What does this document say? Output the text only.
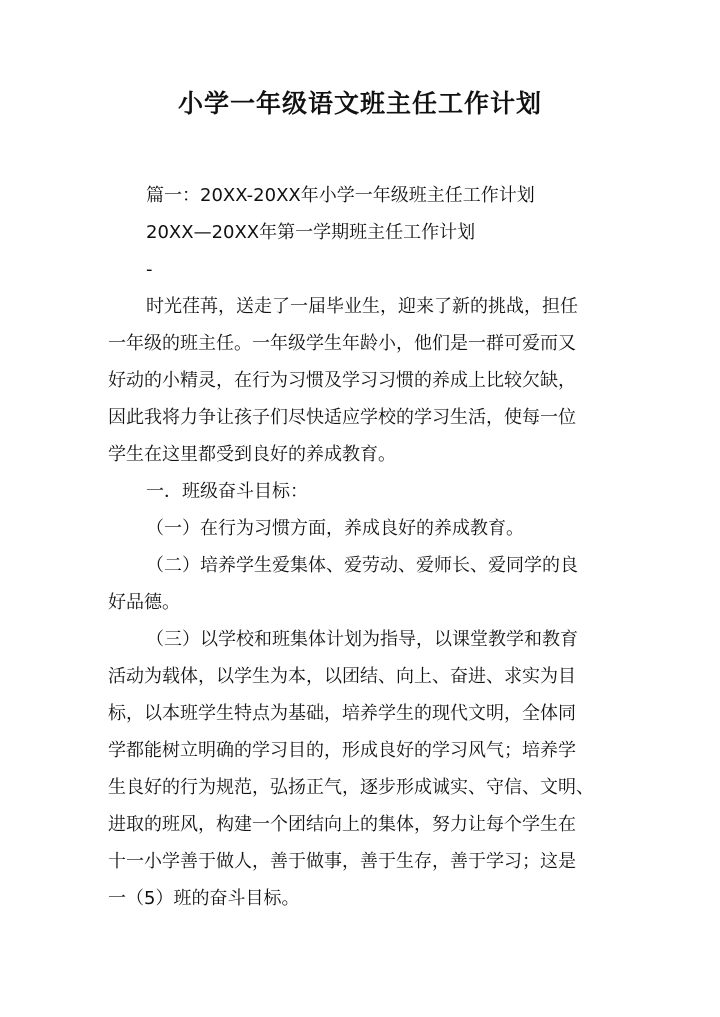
小学一年级语文班主任工作计划
篇一：20XX-20XX年小学一年级班主任工作计划
20XX—20XX年第一学期班主任工作计划
-
时光荏苒，送走了一届毕业生，迎来了新的挑战，担任
一年级的班主任。一年级学生年龄小，他们是一群可爱而又
好动的小精灵，在行为习惯及学习习惯的养成上比较欠缺，
因此我将力争让孩子们尽快适应学校的学习生活，使每一位
学生在这里都受到良好的养成教育。
一．班级奋斗目标：
（一）在行为习惯方面，养成良好的养成教育。
（二）培养学生爱集体、爱劳动、爱师长、爱同学的良
好品德。
（三）以学校和班集体计划为指导，以课堂教学和教育
活动为载体，以学生为本，以团结、向上、奋进、求实为目
标，以本班学生特点为基础，培养学生的现代文明，全体同
学都能树立明确的学习目的，形成良好的学习风气；培养学
生良好的行为规范，弘扬正气，逐步形成诚实、守信、文明、
进取的班风，构建一个团结向上的集体，努力让每个学生在
十一小学善于做人，善于做事，善于生存，善于学习；这是
一（5）班的奋斗目标。
